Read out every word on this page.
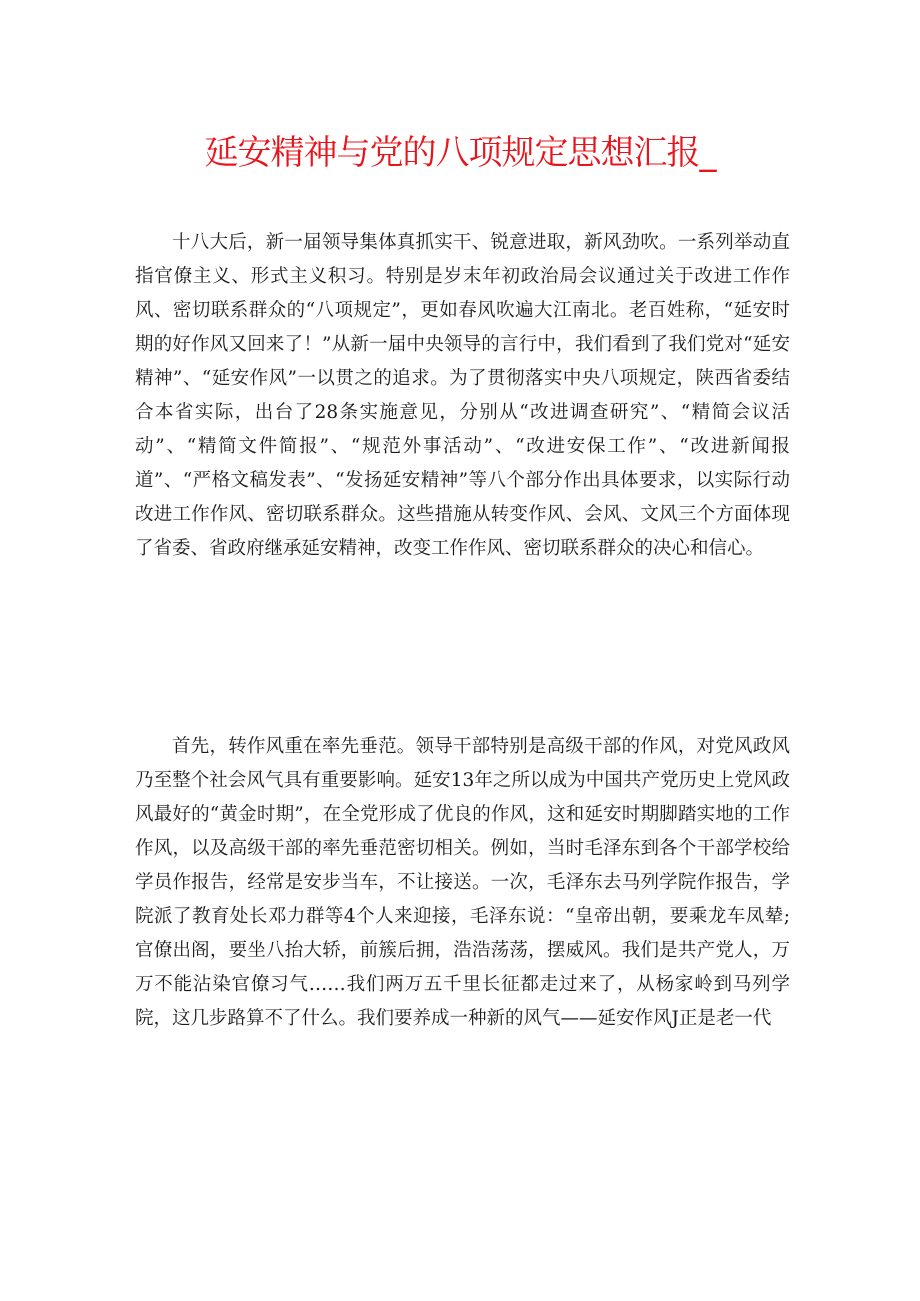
延安精神与党的八项规定思想汇报_

十八大后，新一届领导集体真抓实干、锐意进取，新风劲吹。一系列举动直指官僚主义、形式主义积习。特别是岁末年初政治局会议通过关于改进工作作风、密切联系群众的“八项规定”，更如春风吹遍大江南北。老百姓称，“延安时期的好作风又回来了！”从新一届中央领导的言行中，我们看到了我们党对“延安精神”、“延安作风”一以贯之的追求。为了贯彻落实中央八项规定，陕西省委结合本省实际，出台了28条实施意见，分别从“改进调查研究”、“精简会议活动”、“精简文件简报”、“规范外事活动”、“改进安保工作”、“改进新闻报道”、“严格文稿发表”、“发扬延安精神”等八个部分作出具体要求，以实际行动改进工作作风、密切联系群众。这些措施从转变作风、会风、文风三个方面体现了省委、省政府继承延安精神，改变工作作风、密切联系群众的决心和信心。

首先，转作风重在率先垂范。领导干部特别是高级干部的作风，对党风政风乃至整个社会风气具有重要影响。延安13年之所以成为中国共产党历史上党风政风最好的“黄金时期”，在全党形成了优良的作风，这和延安时期脚踏实地的工作作风，以及高级干部的率先垂范密切相关。例如，当时毛泽东到各个干部学校给学员作报告，经常是安步当车，不让接送。一次，毛泽东去马列学院作报告，学院派了教育处长邓力群等4个人来迎接，毛泽东说：“皇帝出朝，要乘龙车凤辇;官僚出阁，要坐八抬大轿，前簇后拥，浩浩荡荡，摆威风。我们是共产党人，万万不能沾染官僚习气……我们两万五千里长征都走过来了，从杨家岭到马列学院，这几步路算不了什么。我们要养成一种新的风气——延安作风J正是老一代
